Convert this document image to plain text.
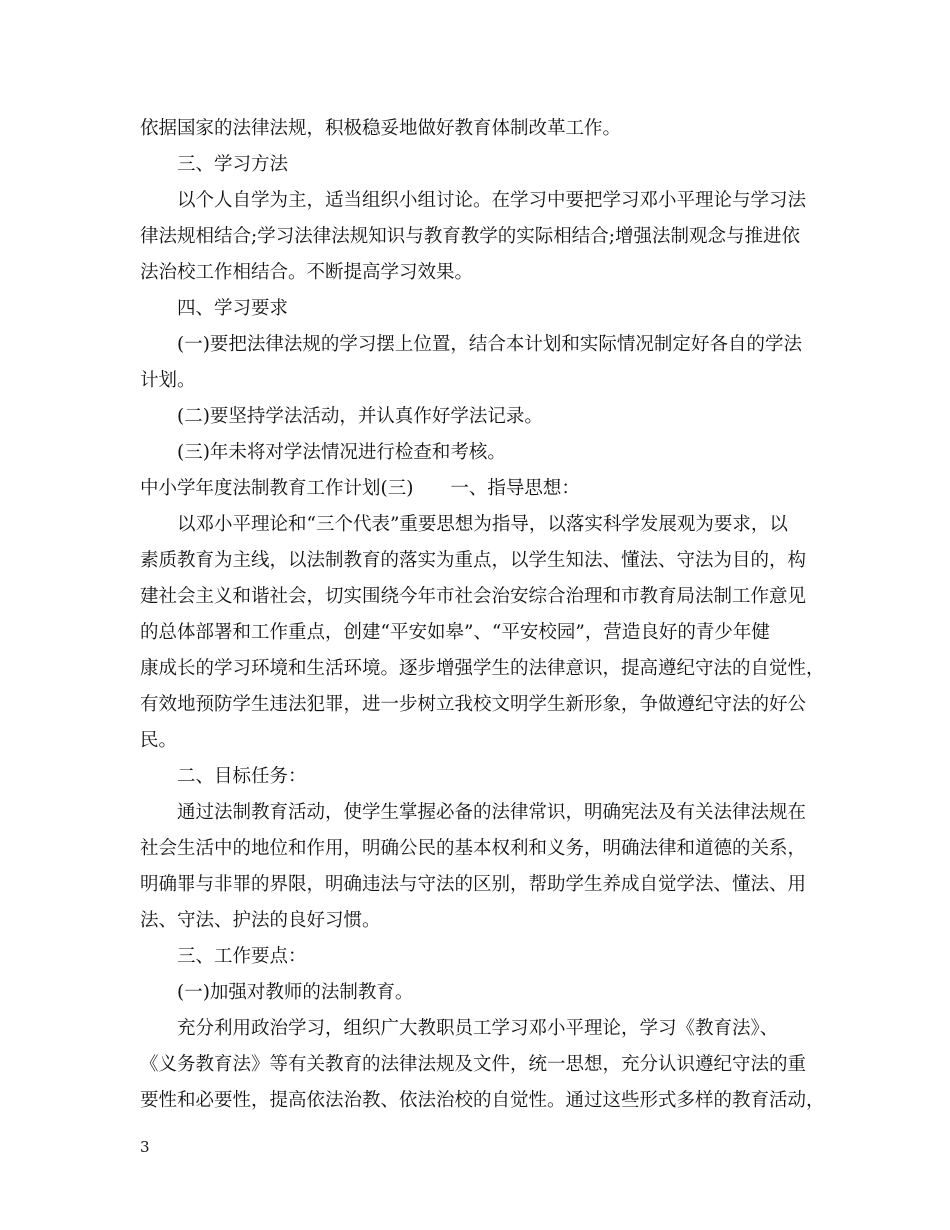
依据国家的法律法规，积极稳妥地做好教育体制改革工作。
三、学习方法
以个人自学为主，适当组织小组讨论。在学习中要把学习邓小平理论与学习法
律法规相结合;学习法律法规知识与教育教学的实际相结合;增强法制观念与推进依
法治校工作相结合。不断提高学习效果。
四、学习要求
(一)要把法律法规的学习摆上位置，结合本计划和实际情况制定好各自的学法
计划。
(二)要坚持学法活动，并认真作好学法记录。
(三)年未将对学法情况进行检查和考核。
中小学年度法制教育工作计划(三)　　一、指导思想：
以邓小平理论和“三个代表”重要思想为指导，以落实科学发展观为要求，以
素质教育为主线，以法制教育的落实为重点，以学生知法、懂法、守法为目的，构
建社会主义和谐社会，切实围绕今年市社会治安综合治理和市教育局法制工作意见
的总体部署和工作重点，创建“平安如皋”、“平安校园”，营造良好的青少年健
康成长的学习环境和生活环境。逐步增强学生的法律意识，提高遵纪守法的自觉性，
有效地预防学生违法犯罪，进一步树立我校文明学生新形象，争做遵纪守法的好公
民。
二、目标任务：
通过法制教育活动，使学生掌握必备的法律常识，明确宪法及有关法律法规在
社会生活中的地位和作用，明确公民的基本权利和义务，明确法律和道德的关系，
明确罪与非罪的界限，明确违法与守法的区别，帮助学生养成自觉学法、懂法、用
法、守法、护法的良好习惯。
三、工作要点：
(一)加强对教师的法制教育。
充分利用政治学习，组织广大教职员工学习邓小平理论，学习《教育法》、
《义务教育法》等有关教育的法律法规及文件，统一思想，充分认识遵纪守法的重
要性和必要性，提高依法治教、依法治校的自觉性。通过这些形式多样的教育活动，
3
